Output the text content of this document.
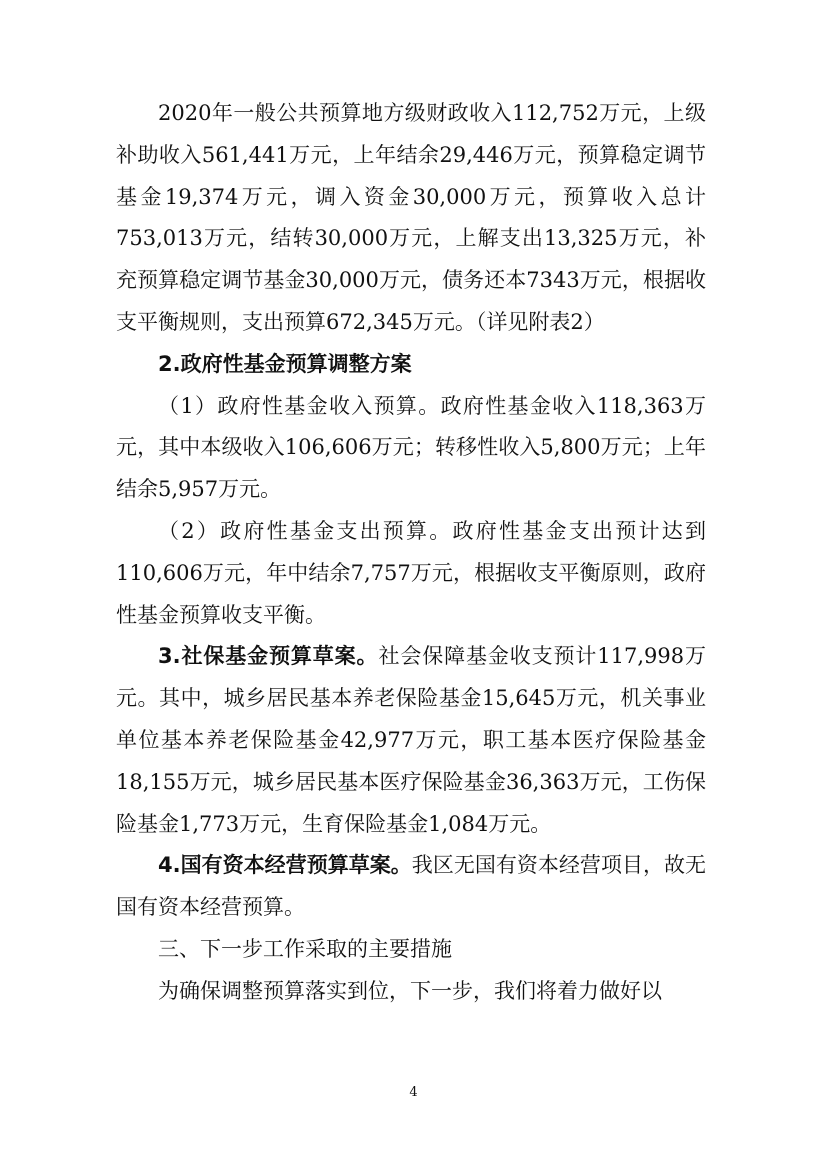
2020年一般公共预算地方级财政收入112,752万元，上级补助收入561,441万元，上年结余29,446万元，预算稳定调节基金19,374万元，调入资金30,000万元，预算收入总计753,013万元，结转30,000万元，上解支出13,325万元，补充预算稳定调节基金30,000万元，债务还本7343万元，根据收支平衡规则，支出预算672,345万元。（详见附表2）

2.政府性基金预算调整方案

（1）政府性基金收入预算。政府性基金收入118,363万元，其中本级收入106,606万元；转移性收入5,800万元；上年结余5,957万元。

（2）政府性基金支出预算。政府性基金支出预计达到110,606万元，年中结余7,757万元，根据收支平衡原则，政府性基金预算收支平衡。

3.社保基金预算草案。社会保障基金收支预计117,998万元。其中，城乡居民基本养老保险基金15,645万元，机关事业单位基本养老保险基金42,977万元，职工基本医疗保险基金18,155万元，城乡居民基本医疗保险基金36,363万元，工伤保险基金1,773万元，生育保险基金1,084万元。

4.国有资本经营预算草案。我区无国有资本经营项目，故无国有资本经营预算。

三、下一步工作采取的主要措施

为确保调整预算落实到位，下一步，我们将着力做好以

4
